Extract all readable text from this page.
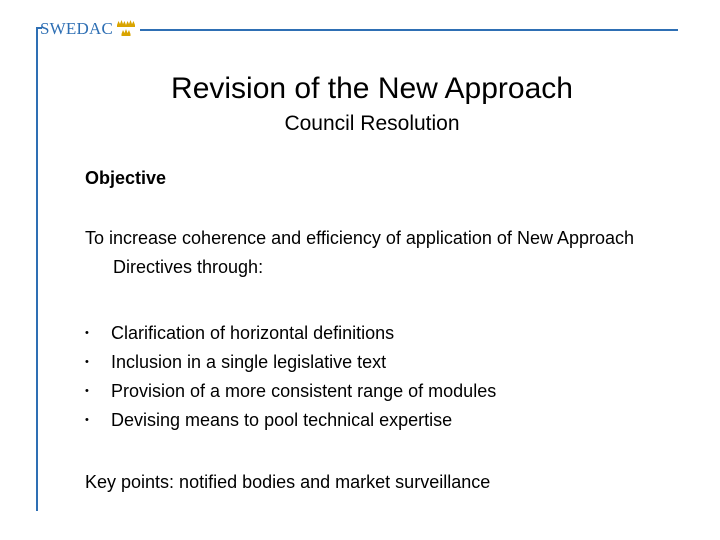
SWEDAC
Revision of the New Approach
Council Resolution

Objective

To increase coherence and efficiency of application of New Approach Directives through:

• Clarification of horizontal definitions
• Inclusion in a single legislative text
• Provision of a more consistent range of modules
• Devising means to pool technical expertise

Key points: notified bodies and market surveillance
